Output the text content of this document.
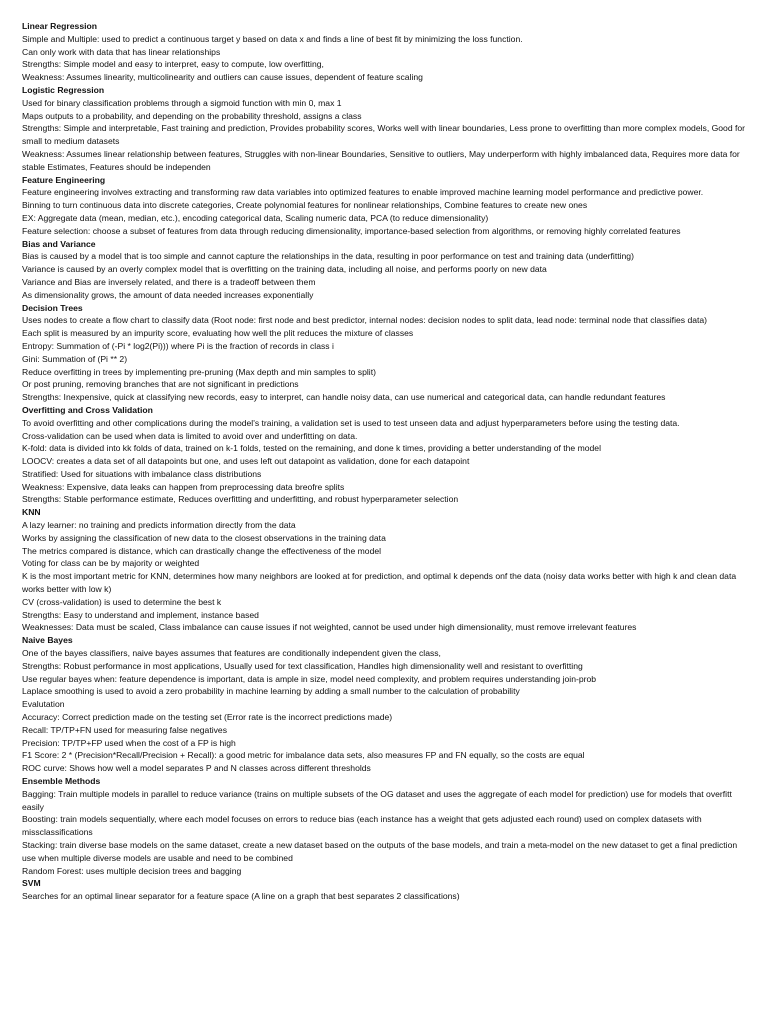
Linear Regression
Simple and Multiple: used to predict a continuous target y based on data x and finds a line of best fit by minimizing the loss function.
Can only work with data that has linear relationships
Strengths: Simple model and easy to interpret, easy to compute, low overfitting,
Weakness: Assumes linearity, multicolinearity and outliers can cause issues, dependent of feature scaling
Logistic Regression
Used for binary classification problems through a sigmoid function with min 0, max 1
Maps outputs to a probability, and depending on the probability threshold, assigns a class
Strengths: Simple and interpretable, Fast training and prediction, Provides probability scores, Works well with linear boundaries, Less prone to overfitting than more complex models, Good for small to medium datasets
Weakness: Assumes linear relationship between features, Struggles with non-linear Boundaries, Sensitive to outliers, May underperform with highly imbalanced data, Requires more data for stable Estimates, Features should be independen
Feature Engineering
Feature engineering involves extracting and transforming raw data variables into optimized features to enable improved machine learning model performance and predictive power.
Binning to turn continuous data into discrete categories, Create polynomial features for nonlinear relationships, Combine features to create new ones
EX: Aggregate data (mean, median, etc.), encoding categorical data, Scaling numeric data, PCA (to reduce dimensionality)
Feature selection: choose a subset of features from data through reducing dimensionality, importance-based selection from algorithms, or removing highly correlated features
Bias and Variance
Bias is caused by a model that is too simple and cannot capture the relationships in the data, resulting in poor performance on test and training data (underfitting)
Variance is caused by an overly complex model that is overfitting on the training data, including all noise, and performs poorly on new data
Variance and Bias are inversely related, and there is a tradeoff between them
As dimensionality grows, the amount of data needed increases exponentially
Decision Trees
Uses nodes to create a flow chart to classify data (Root node: first node and best predictor, internal nodes: decision nodes to split data, lead node: terminal node that classifies data)
Each split is measured by an impurity score, evaluating how well the plit reduces the mixture of classes
Entropy: Summation of (-Pi * log2(Pi))) where Pi is the fraction of records in class i
Gini: Summation of (Pi ** 2)
Reduce overfitting in trees by implementing pre-pruning (Max depth and min samples to split)
Or post pruning, removing branches that are not significant in predictions
Strengths: Inexpensive, quick at classifying new records, easy to interpret, can handle noisy data, can use numerical and categorical data, can handle redundant features
Overfitting and Cross Validation
To avoid overfitting and other complications during the model's training, a validation set is used to test unseen data and adjust hyperparameters before using the testing data.
Cross-validation can be used when data is limited to avoid over and underfitting on data.
K-fold: data is divided into kk folds of data, trained on k-1 folds, tested on the remaining, and done k times, providing a better understanding of the model
LOOCV: creates a data set of all datapoints but one, and uses left out datapoint as validation, done for each datapoint
Stratified: Used for situations with imbalance class distributions
Weakness: Expensive, data leaks can happen from preprocessing data breofre splits
Strengths: Stable performance estimate, Reduces overfitting and underfitting, and robust hyperparameter selection
KNN
A lazy learner: no training and predicts information directly from the data
Works by assigning the classification of new data to the closest observations in the training data
The metrics compared is distance, which can drastically change the effectiveness of the model
Voting for class can be by majority or weighted
K is the most important metric for KNN, determines how many neighbors are looked at for prediction, and optimal k depends onf the data (noisy data works better with high k and clean data works better with low k)
CV (cross-validation) is used to determine the best k
Strengths: Easy to understand and implement, instance based
Weaknesses: Data must be scaled, Class imbalance can cause issues if not weighted, cannot be used under high dimensionality, must remove irrelevant features
Naive Bayes
One of the bayes classifiers, naive bayes assumes that features are conditionally independent given the class,
Strengths: Robust performance in most applications, Usually used for text classification, Handles high dimensionality well and resistant to overfitting
Use regular bayes when: feature dependence is important, data is ample in size, model need complexity, and problem requires understanding join-prob
Laplace smoothing is used to avoid a zero probability in machine learning by adding a small number to the calculation of probability
Evalutation
Accuracy: Correct prediction made on the testing set (Error rate is the incorrect predictions made)
Recall: TP/TP+FN used for measuring false negatives
Precision: TP/TP+FP used when the cost of a FP is high
F1 Score: 2 * (Precision*Recall/Precision + Recall): a good metric for imbalance data sets, also measures FP and FN equally, so the costs are equal
ROC curve: Shows how well a model separates P and N classes across different thresholds
Ensemble Methods
Bagging: Train multiple models in parallel to reduce variance (trains on multiple subsets of the OG dataset and uses the aggregate of each model for prediction) use for models that overfitt easily
Boosting: train models sequentially, where each model focuses on errors to reduce bias (each instance has a weight that gets adjusted each round) used on complex datasets with missclassifications
Stacking: train diverse base models on the same dataset, create a new dataset based on the outputs of the base models, and train a meta-model on the new dataset to get a final prediction use when multiple diverse models are usable and need to be combined
Random Forest: uses multiple decision trees and bagging
SVM
Searches for an optimal linear separator for a feature space (A line on a graph that best separates 2 classifications)
